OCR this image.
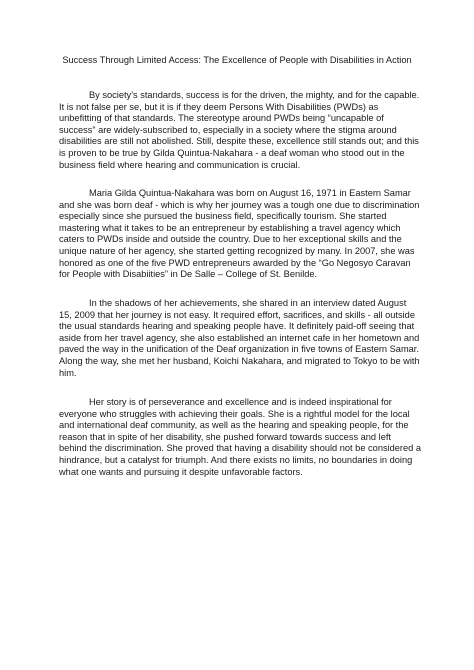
Success Through Limited Access: The Excellence of People with Disabilities in Action

By society’s standards, success is for the driven, the mighty, and for the capable. It is not false per se, but it is if they deem Persons With Disabilities (PWDs) as unbefitting of that standards. The stereotype around PWDs being “uncapable of success” are widely-subscribed to, especially in a society where the stigma around disabilities are still not abolished. Still, despite these, excellence still stands out; and this is proven to be true by Gilda Quintua-Nakahara - a deaf woman who stood out in the business field where hearing and communication is crucial.

Maria Gilda Quintua-Nakahara was born on August 16, 1971 in Eastern Samar and she was born deaf - which is why her journey was a tough one due to discrimination especially since she pursued the business field, specifically tourism. She started mastering what it takes to be an entrepreneur by establishing a travel agency which caters to PWDs inside and outside the country. Due to her exceptional skills and the unique nature of her agency, she started getting recognized by many. In 2007, she was honored as one of the five PWD entrepreneurs awarded by the “Go Negosyo Caravan for People with Disabiities” in De Salle – College of St. Benilde.

In the shadows of her achievements, she shared in an interview dated August 15, 2009 that her journey is not easy. It required effort, sacrifices, and skills - all outside the usual standards hearing and speaking people have. It definitely paid-off seeing that aside from her travel agency, she also established an internet cafe in her hometown and paved the way in the unification of the Deaf organization in five towns of Eastern Samar. Along the way, she met her husband, Koichi Nakahara, and migrated to Tokyo to be with him.

Her story is of perseverance and excellence and is indeed inspirational for everyone who struggles with achieving their goals. She is a rightful model for the local and international deaf community, as well as the hearing and speaking people, for the reason that in spite of her disability, she pushed forward towards success and left behind the discrimination. She proved that having a disability should not be considered a hindrance, but a catalyst for triumph. And there exists no limits, no boundaries in doing what one wants and pursuing it despite unfavorable factors.
